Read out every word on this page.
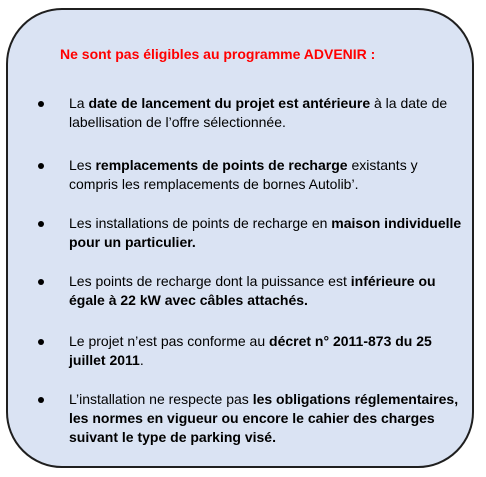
Ne sont pas éligibles au programme ADVENIR :

La date de lancement du projet est antérieure à la date de labellisation de l’offre sélectionnée.
Les remplacements de points de recharge existants y compris les remplacements de bornes Autolib’.
Les installations de points de recharge en maison individuelle pour un particulier.
Les points de recharge dont la puissance est inférieure ou égale à 22 kW avec câbles attachés.
Le projet n’est pas conforme au décret n° 2011-873 du 25 juillet 2011.
L’installation ne respecte pas les obligations réglementaires, les normes en vigueur ou encore le cahier des charges suivant le type de parking visé.
